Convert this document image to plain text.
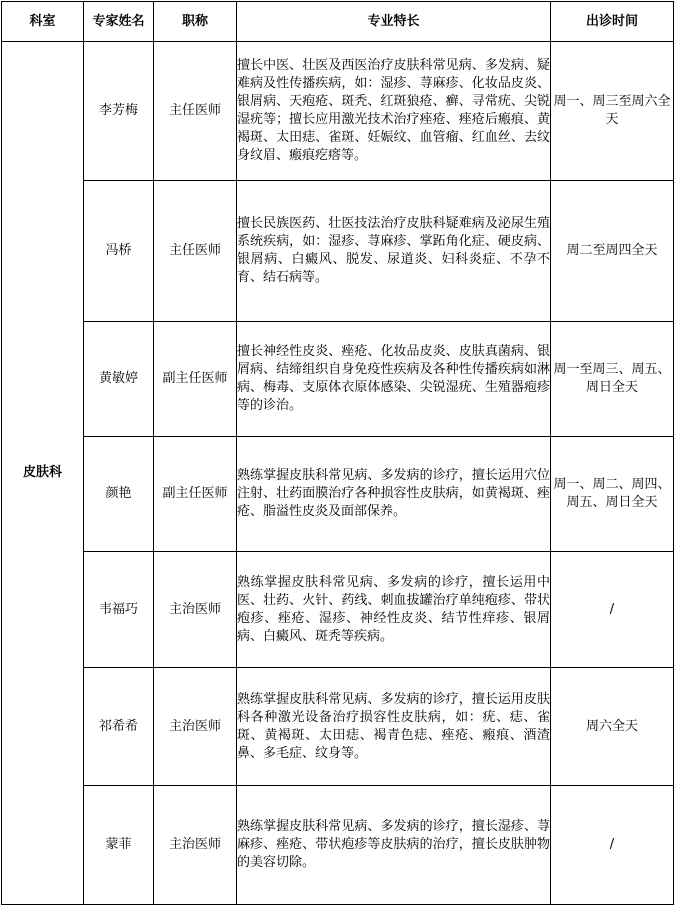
科室	专家姓名	职称	专业特长	出诊时间
皮肤科	李芳梅	主任医师	擅长中医、壮医及西医治疗皮肤科常见病、多发病、疑难病及性传播疾病，如：湿疹、荨麻疹、化妆品皮炎、银屑病、天疱疮、斑秃、红斑狼疮、癣、寻常疣、尖锐湿疣等；擅长应用激光技术治疗痤疮、痤疮后瘢痕、黄褐斑、太田痣、雀斑、妊娠纹、血管瘤、红血丝、去纹身纹眉、瘢痕疙瘩等。	周一、周三至周六全天
	冯桥	主任医师	擅长民族医药、壮医技法治疗皮肤科疑难病及泌尿生殖系统疾病，如：湿疹、荨麻疹、掌跖角化症、硬皮病、银屑病、白癜风、脱发、尿道炎、妇科炎症、不孕不育、结石病等。	周二至周四全天
	黄敏婷	副主任医师	擅长神经性皮炎、痤疮、化妆品皮炎、皮肤真菌病、银屑病、结缔组织自身免疫性疾病及各种性传播疾病如淋病、梅毒、支原体衣原体感染、尖锐湿疣、生殖器疱疹等的诊治。	周一至周三、周五、周日全天
	颜艳	副主任医师	熟练掌握皮肤科常见病、多发病的诊疗，擅长运用穴位注射、壮药面膜治疗各种损容性皮肤病，如黄褐斑、痤疮、脂溢性皮炎及面部保养。	周一、周二、周四、周五、周日全天
	韦福巧	主治医师	熟练掌握皮肤科常见病、多发病的诊疗，擅长运用中医、壮药、火针、药线、刺血拔罐治疗单纯疱疹、带状疱疹、痤疮、湿疹、神经性皮炎、结节性痒疹、银屑病、白癜风、斑秃等疾病。	/
	祁希希	主治医师	熟练掌握皮肤科常见病、多发病的诊疗，擅长运用皮肤科各种激光设备治疗损容性皮肤病，如：疣、痣、雀斑、黄褐斑、太田痣、褐青色痣、痤疮、瘢痕、酒渣鼻、多毛症、纹身等。	周六全天
	蒙菲	主治医师	熟练掌握皮肤科常见病、多发病的诊疗，擅长湿疹、荨麻疹、痤疮、带状疱疹等皮肤病的治疗，擅长皮肤肿物的美容切除。	/
